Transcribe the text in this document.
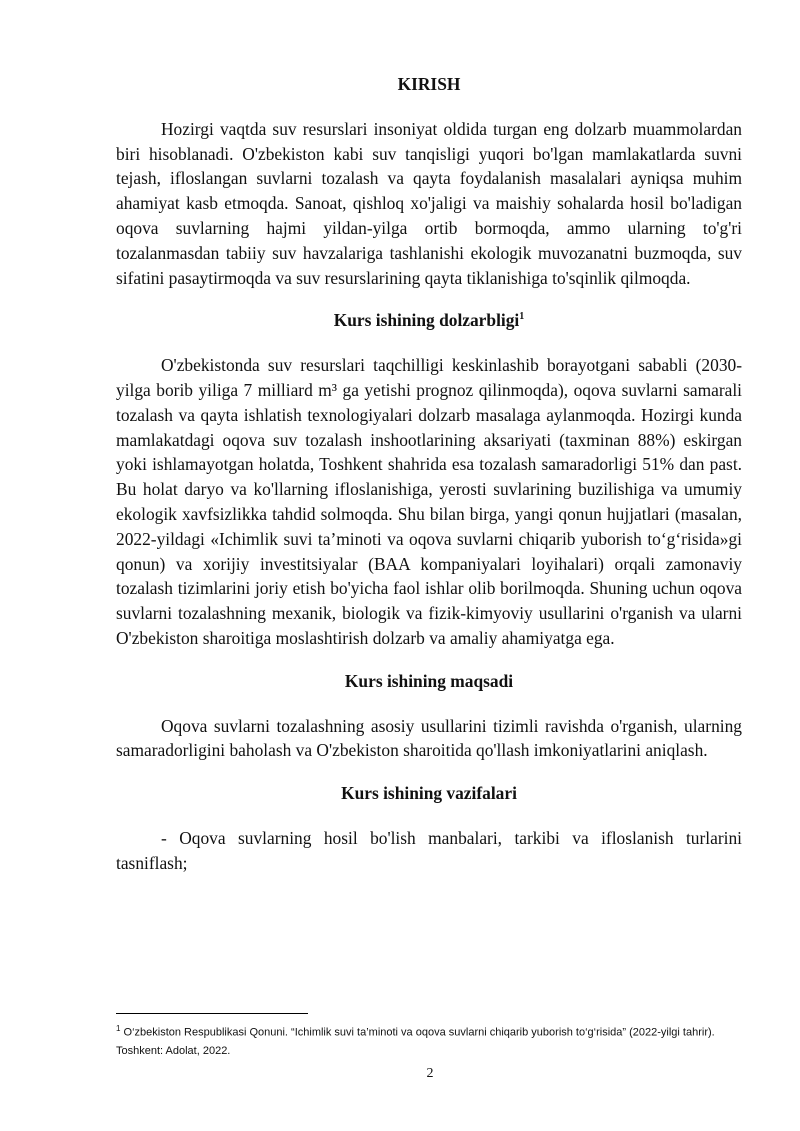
KIRISH

Hozirgi vaqtda suv resurslari insoniyat oldida turgan eng dolzarb muammolardan biri hisoblanadi. O'zbekiston kabi suv tanqisligi yuqori bo'lgan mamlakatlarda suvni tejash, ifloslangan suvlarni tozalash va qayta foydalanish masalalari ayniqsa muhim ahamiyat kasb etmoqda. Sanoat, qishloq xo'jaligi va maishiy sohalarda hosil bo'ladigan oqova suvlarning hajmi yildan-yilga ortib bormoqda, ammo ularning to'g'ri tozalanmasdan tabiiy suv havzalariga tashlanishi ekologik muvozanatni buzmoqda, suv sifatini pasaytirmoqda va suv resurslarining qayta tiklanishiga to'sqinlik qilmoqda.

Kurs ishining dolzarbligi$^1$

O'zbekistonda suv resurslari taqchilligi keskinlashib borayotgani sababli (2030-yilga borib yiliga 7 milliard m³ ga yetishi prognoz qilinmoqda), oqova suvlarni samarali tozalash va qayta ishlatish texnologiyalari dolzarb masalaga aylanmoqda. Hozirgi kunda mamlakatdagi oqova suv tozalash inshootlarining aksariyati (taxminan 88%) eskirgan yoki ishlamayotgan holatda, Toshkent shahrida esa tozalash samaradorligi 51% dan past. Bu holat daryo va ko'llarning ifloslanishiga, yerosti suvlarining buzilishiga va umumiy ekologik xavfsizlikka tahdid solmoqda. Shu bilan birga, yangi qonun hujjatlari (masalan, 2022-yildagi «Ichimlik suvi ta’minoti va oqova suvlarni chiqarib yuborish to‘g‘risida»gi qonun) va xorijiy investitsiyalar (BAA kompaniyalari loyihalari) orqali zamonaviy tozalash tizimlarini joriy etish bo'yicha faol ishlar olib borilmoqda. Shuning uchun oqova suvlarni tozalashning mexanik, biologik va fizik-kimyoviy usullarini o'rganish va ularni O'zbekiston sharoitiga moslashtirish dolzarb va amaliy ahamiyatga ega.

Kurs ishining maqsadi

Oqova suvlarni tozalashning asosiy usullarini tizimli ravishda o'rganish, ularning samaradorligini baholash va O'zbekiston sharoitida qo'llash imkoniyatlarini aniqlash.

Kurs ishining vazifalari

- Oqova suvlarning hosil bo'lish manbalari, tarkibi va ifloslanish turlarini tasniflash;

$^1$ O‘zbekiston Respublikasi Qonuni. “Ichimlik suvi ta’minoti va oqova suvlarni chiqarib yuborish to‘g‘risida” (2022-yilgi tahrir). Toshkent: Adolat, 2022.
2
